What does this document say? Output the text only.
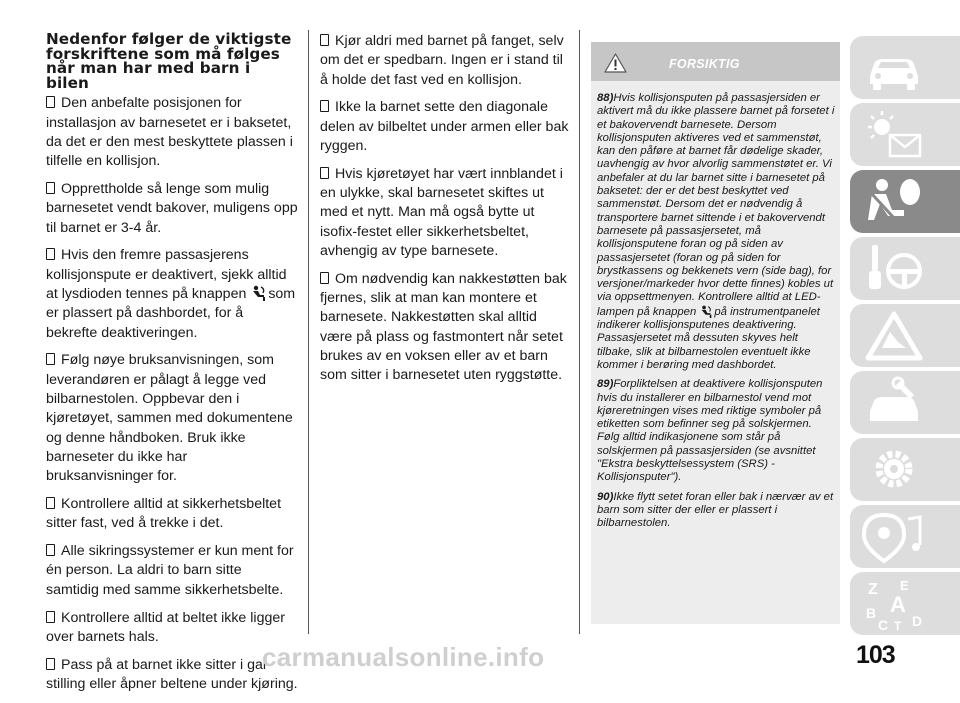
Nedenfor følger de viktigste forskriftene som må følges når man har med barn i bilen

Den anbefalte posisjonen for installasjon av barnesetet er i baksetet, da det er den mest beskyttete plassen i tilfelle en kollisjon.

Opprettholde så lenge som mulig barnesetet vendt bakover, muligens opp til barnet er 3-4 år.

Hvis den fremre passasjerens kollisjonspute er deaktivert, sjekk alltid at lysdioden tennes på knappen som er plassert på dashbordet, for å bekrefte deaktiveringen.

Følg nøye bruksanvisningen, som leverandøren er pålagt å legge ved bilbarnestolen. Oppbevar den i kjøretøyet, sammen med dokumentene og denne håndboken. Bruk ikke barneseter du ikke har bruksanvisninger for.

Kontrollere alltid at sikkerhetsbeltet sitter fast, ved å trekke i det.

Alle sikringssystemer er kun ment for én person. La aldri to barn sitte samtidig med samme sikkerhetsbelte.

Kontrollere alltid at beltet ikke ligger over barnets hals.

Pass på at barnet ikke sitter i gal stilling eller åpner beltene under kjøring.

Kjør aldri med barnet på fanget, selv om det er spedbarn. Ingen er i stand til å holde det fast ved en kollisjon.

Ikke la barnet sette den diagonale delen av bilbeltet under armen eller bak ryggen.

Hvis kjøretøyet har vært innblandet i en ulykke, skal barnesetet skiftes ut med et nytt. Man må også bytte ut isofix-festet eller sikkerhetsbeltet, avhengig av type barnesete.

Om nødvendig kan nakkestøtten bak fjernes, slik at man kan montere et barnesete. Nakkestøtten skal alltid være på plass og fastmontert når setet brukes av en voksen eller av et barn som sitter i barnesetet uten ryggstøtte.

FORSIKTIG

88)Hvis kollisjonsputen på passasjersiden er aktivert må du ikke plassere barnet på forsetet i et bakovervendt barnesete. Dersom kollisjonsputen aktiveres ved et sammenstøt, kan den påføre at barnet får dødelige skader, uavhengig av hvor alvorlig sammenstøtet er. Vi anbefaler at du lar barnet sitte i barnesetet på baksetet: der er det best beskyttet ved sammenstøt. Dersom det er nødvendig å transportere barnet sittende i et bakovervendt barnesete på passasjersetet, må kollisjonsputene foran og på siden av passasjersetet (foran og på siden for brystkassens og bekkenets vern (side bag), for versjoner/markeder hvor dette finnes) kobles ut via oppsettmenyen. Kontrollere alltid at LED-lampen på knappen på instrumentpanelet indikerer kollisjonsputenes deaktivering. Passasjersetet må dessuten skyves helt tilbake, slik at bilbarnestolen eventuelt ikke kommer i berøring med dashbordet.

89)Forpliktelsen at deaktivere kollisjonsputen hvis du installerer en bilbarnestol vend mot kjøreretningen vises med riktige symboler på etiketten som befinner seg på solskjermen. Følg alltid indikasjonene som står på solskjermen på passasjersiden (se avsnittet "Ekstra beskyttelsessystem (SRS) - Kollisjonsputer").

90)Ikke flytt setet foran eller bak i nærvær av et barn som sitter der eller er plassert i bilbarnestolen.

Z E
B A
C T D
carmanualsonline.info	103
